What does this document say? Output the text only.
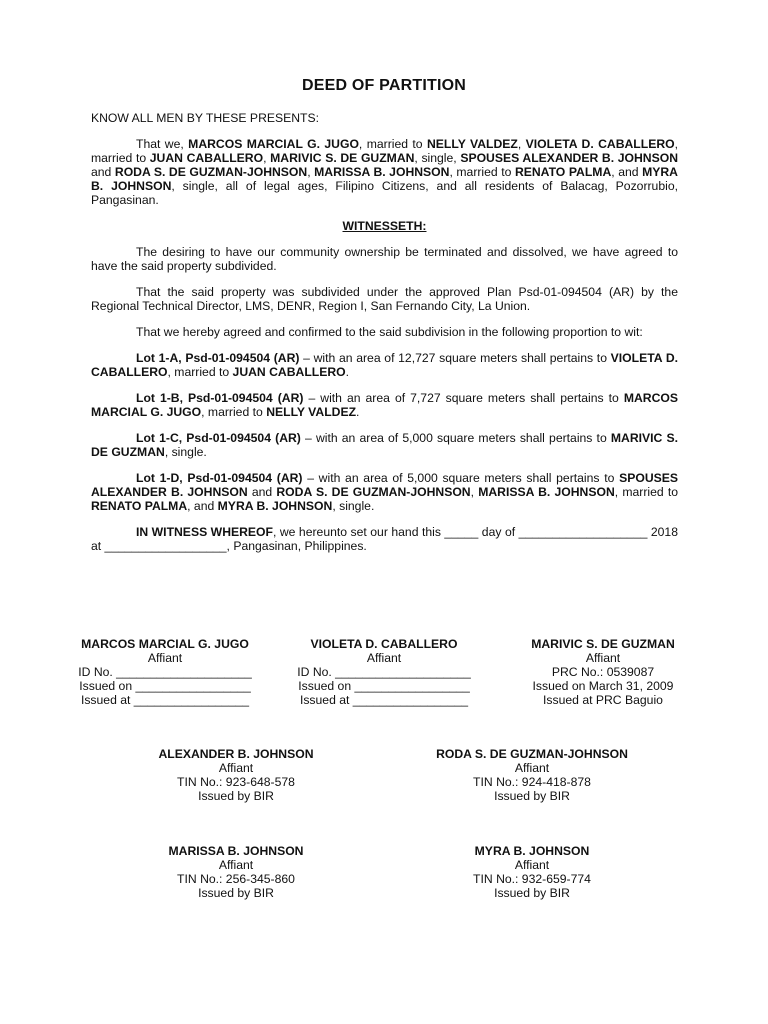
DEED OF PARTITION

KNOW ALL MEN BY THESE PRESENTS:

That we, MARCOS MARCIAL G. JUGO, married to NELLY VALDEZ, VIOLETA D. CABALLERO, married to JUAN CABALLERO, MARIVIC S. DE GUZMAN, single, SPOUSES ALEXANDER B. JOHNSON and RODA S. DE GUZMAN-JOHNSON, MARISSA B. JOHNSON, married to RENATO PALMA, and MYRA B. JOHNSON, single, all of legal ages, Filipino Citizens, and all residents of Balacag, Pozorrubio, Pangasinan.

WITNESSETH:

The desiring to have our community ownership be terminated and dissolved, we have agreed to have the said property subdivided.

That the said property was subdivided under the approved Plan Psd-01-094504 (AR) by the Regional Technical Director, LMS, DENR, Region I, San Fernando City, La Union.

That we hereby agreed and confirmed to the said subdivision in the following proportion to wit:

Lot 1-A, Psd-01-094504 (AR) – with an area of 12,727 square meters shall pertains to VIOLETA D. CABALLERO, married to JUAN CABALLERO.

Lot 1-B, Psd-01-094504 (AR) – with an area of 7,727 square meters shall pertains to MARCOS MARCIAL G. JUGO, married to NELLY VALDEZ.

Lot 1-C, Psd-01-094504 (AR) – with an area of 5,000 square meters shall pertains to MARIVIC S. DE GUZMAN, single.

Lot 1-D, Psd-01-094504 (AR) – with an area of 5,000 square meters shall pertains to SPOUSES ALEXANDER B. JOHNSON and RODA S. DE GUZMAN-JOHNSON, MARISSA B. JOHNSON, married to RENATO PALMA, and MYRA B. JOHNSON, single.

IN WITNESS WHEREOF, we hereunto set our hand this _____ day of ___________________ 2018 at __________________, Pangasinan, Philippines.

MARCOS MARCIAL G. JUGO
Affiant
ID No. ____________________
Issued on _________________
Issued at _________________
VIOLETA D. CABALLERO
Affiant
ID No. ____________________
Issued on _________________
Issued at _________________
MARIVIC S. DE GUZMAN
Affiant
PRC No.: 0539087
Issued on March 31, 2009
Issued at PRC Baguio
ALEXANDER B. JOHNSON
Affiant
TIN No.: 923-648-578
Issued by BIR
RODA S. DE GUZMAN-JOHNSON
Affiant
TIN No.: 924-418-878
Issued by BIR
MARISSA B. JOHNSON
Affiant
TIN No.: 256-345-860
Issued by BIR
MYRA B. JOHNSON
Affiant
TIN No.: 932-659-774
Issued by BIR
